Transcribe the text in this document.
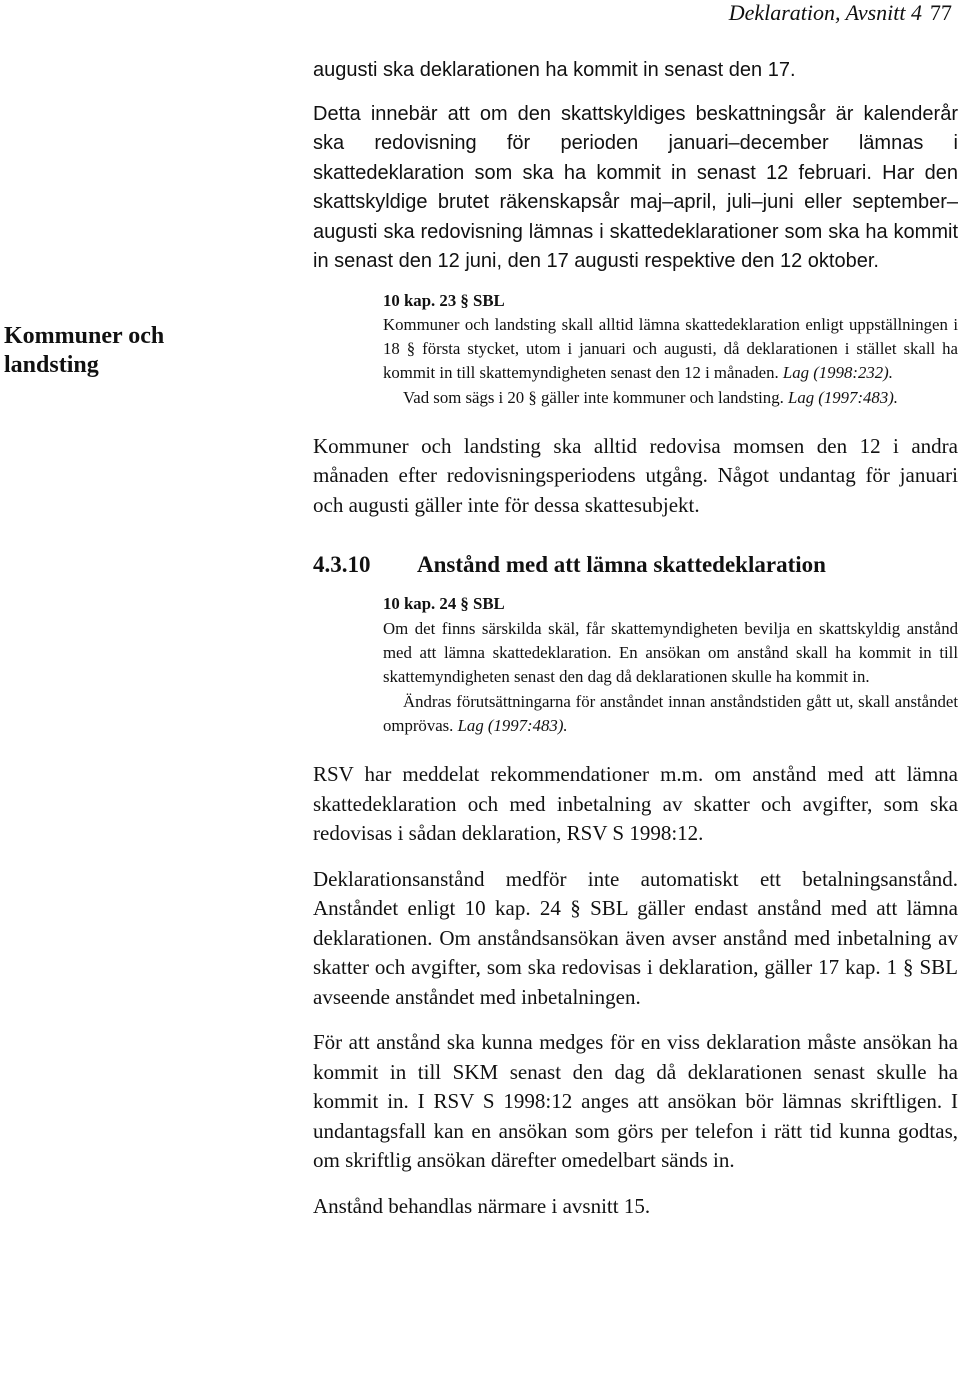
Deklaration, Avsnitt 4 77
Kommuner och landsting

augusti ska deklarationen ha kommit in senast den 17.

Detta innebär att om den skattskyldiges beskattningsår är kalenderår ska redovisning för perioden januari–december lämnas i skattedeklaration som ska ha kommit in senast 12 februari. Har den skattskyldige brutet räkenskapsår maj–april, juli–juni eller september–augusti ska redovisning lämnas i skattedeklarationer som ska ha kommit in senast den 12 juni, den 17 augusti respektive den 12 oktober.

10 kap. 23 § SBL

Kommuner och landsting skall alltid lämna skattedeklaration enligt uppställningen i 18 § första stycket, utom i januari och augusti, då deklarationen i stället skall ha kommit in till skattemyndigheten senast den 12 i månaden. Lag (1998:232).

Vad som sägs i 20 § gäller inte kommuner och landsting. Lag (1997:483).

Kommuner och landsting ska alltid redovisa momsen den 12 i andra månaden efter redovisningsperiodens utgång. Något undantag för januari och augusti gäller inte för dessa skattesubjekt.

4.3.10 Anstånd med att lämna skattedeklaration

10 kap. 24 § SBL

Om det finns särskilda skäl, får skattemyndigheten bevilja en skattskyldig anstånd med att lämna skattedeklaration. En ansökan om anstånd skall ha kommit in till skattemyndigheten senast den dag då deklarationen skulle ha kommit in.

Ändras förutsättningarna för anståndet innan anståndstiden gått ut, skall anståndet omprövas. Lag (1997:483).

RSV har meddelat rekommendationer m.m. om anstånd med att lämna skattedeklaration och med inbetalning av skatter och avgifter, som ska redovisas i sådan deklaration, RSV S 1998:12.

Deklarationsanstånd medför inte automatiskt ett betalningsanstånd. Anståndet enligt 10 kap. 24 § SBL gäller endast anstånd med att lämna deklarationen. Om anståndsansökan även avser anstånd med inbetalning av skatter och avgifter, som ska redovisas i deklaration, gäller 17 kap. 1 § SBL avseende anståndet med inbetalningen.

För att anstånd ska kunna medges för en viss deklaration måste ansökan ha kommit in till SKM senast den dag då deklarationen senast skulle ha kommit in. I RSV S 1998:12 anges att ansökan bör lämnas skriftligen. I undantagsfall kan en ansökan som görs per telefon i rätt tid kunna godtas, om skriftlig ansökan därefter omedelbart sänds in.

Anstånd behandlas närmare i avsnitt 15.
